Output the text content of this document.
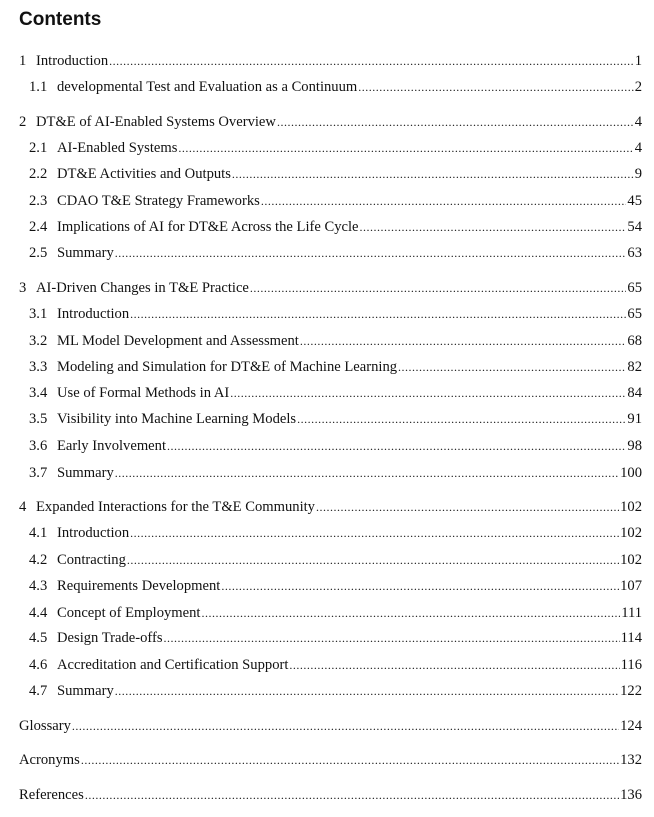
Contents
1 Introduction .....	1
1.1 developmental Test and Evaluation as a Continuum .....	2
2 DT&E of AI-Enabled Systems Overview .....	4
2.1 AI-Enabled Systems .....	4
2.2 DT&E Activities and Outputs .....	9
2.3 CDAO T&E Strategy Frameworks .....	45
2.4 Implications of AI for DT&E Across the Life Cycle .....	54
2.5 Summary .....	63
3 AI-Driven Changes in T&E Practice .....	65
3.1 Introduction .....	65
3.2 ML Model Development and Assessment .....	68
3.3 Modeling and Simulation for DT&E of Machine Learning .....	82
3.4 Use of Formal Methods in AI .....	84
3.5 Visibility into Machine Learning Models .....	91
3.6 Early Involvement .....	98
3.7 Summary .....	100
4 Expanded Interactions for the T&E Community .....	102
4.1 Introduction .....	102
4.2 Contracting .....	102
4.3 Requirements Development .....	107
4.4 Concept of Employment .....	111
4.5 Design Trade-offs .....	114
4.6 Accreditation and Certification Support .....	116
4.7 Summary .....	122
Glossary .....	124
Acronyms .....	132
References .....	136
